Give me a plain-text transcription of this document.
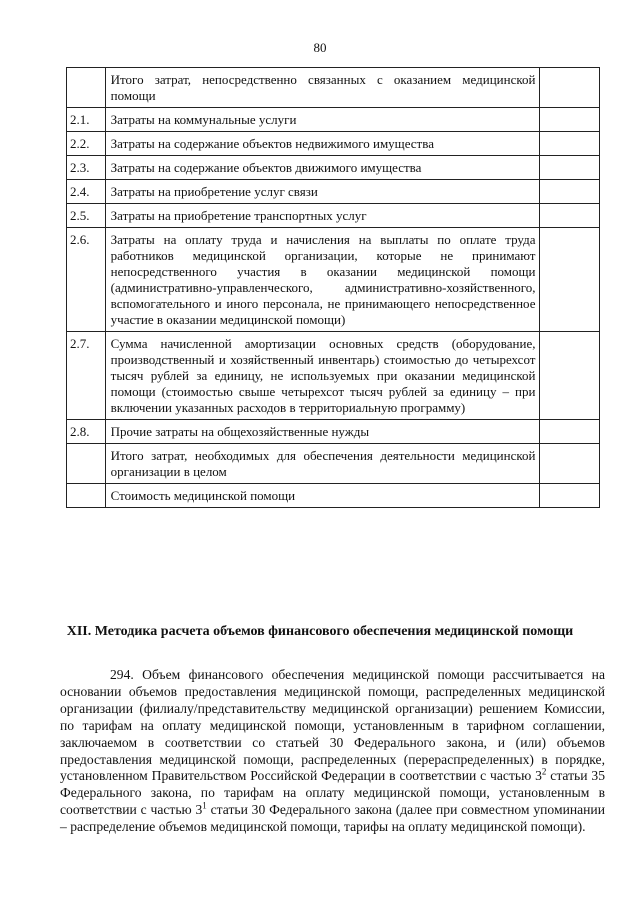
80
	Итого затрат, непосредственно связанных с оказанием медицинской помощи	
2.1.	Затраты на коммунальные услуги	
2.2.	Затраты на содержание объектов недвижимого имущества	
2.3.	Затраты на содержание объектов движимого имущества	
2.4.	Затраты на приобретение услуг связи	
2.5.	Затраты на приобретение транспортных услуг	
2.6.	Затраты на оплату труда и начисления на выплаты по оплате труда работников медицинской организации, которые не принимают непосредственного участия в оказании медицинской помощи (административно-управленческого, административно-хозяйственного, вспомогательного и иного персонала, не принимающего непосредственное участие в оказании медицинской помощи)	
2.7.	Сумма начисленной амортизации основных средств (оборудование, производственный и хозяйственный инвентарь) стоимостью до четырехсот тысяч рублей за единицу, не используемых при оказании медицинской помощи (стоимостью свыше четырехсот тысяч рублей за единицу – при включении указанных расходов в территориальную программу)	
2.8.	Прочие затраты на общехозяйственные нужды	
	Итого затрат, необходимых для обеспечения деятельности медицинской организации в целом	
	Стоимость медицинской помощи	
XII. Методика расчета объемов финансового обеспечения медицинской помощи
294. Объем финансового обеспечения медицинской помощи рассчитывается на основании объемов предоставления медицинской помощи, распределенных медицинской организации (филиалу/представительству медицинской организации) решением Комиссии, по тарифам на оплату медицинской помощи, установленным в тарифном соглашении, заключаемом в соответствии со статьей 30 Федерального закона, и (или) объемов предоставления медицинской помощи, распределенных (перераспределенных) в порядке, установленном Правительством Российской Федерации в соответствии с частью $3^2$ статьи 35 Федерального закона, по тарифам на оплату медицинской помощи, установленным в соответствии с частью $3^1$ статьи 30 Федерального закона (далее при совместном упоминании – распределение объемов медицинской помощи, тарифы на оплату медицинской помощи).
